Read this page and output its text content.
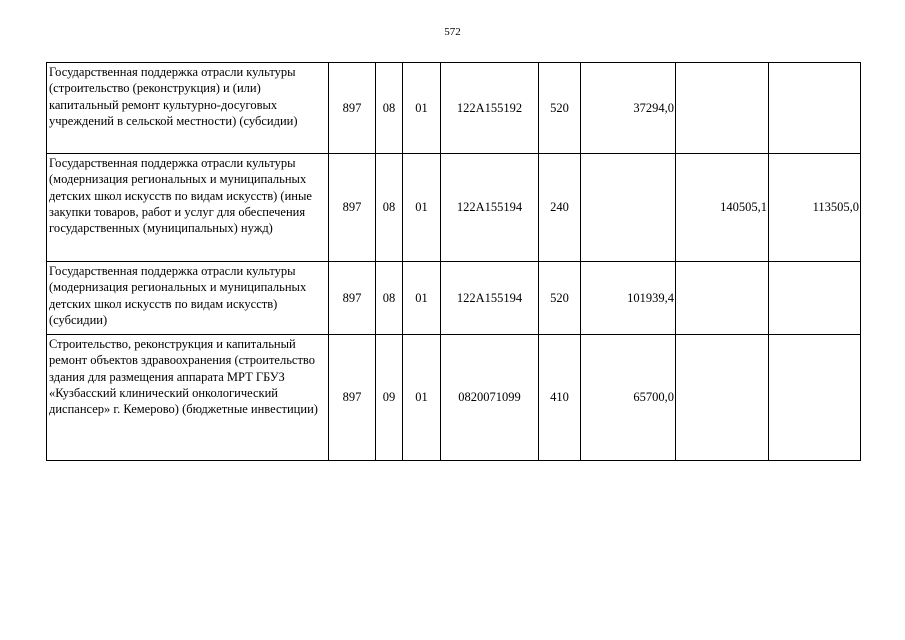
572
Государственная поддержка отрасли культуры (строительство (реконструкция) и (или) капитальный ремонт культурно-досуговых учреждений в сельской местности) (субсидии)	897	08	01	122А155192	520	37294,0		
Государственная поддержка отрасли культуры (модернизация региональных и муниципальных детских школ искусств по видам искусств) (иные закупки товаров, работ и услуг для обеспечения государственных (муниципальных) нужд)	897	08	01	122А155194	240		140505,1	113505,0
Государственная поддержка отрасли культуры (модернизация региональных и муниципальных детских школ искусств по видам искусств) (субсидии)	897	08	01	122А155194	520	101939,4		
Строительство, реконструкция и капитальный ремонт объектов здравоохранения (строительство здания для размещения аппарата МРТ ГБУЗ «Кузбасский клинический онкологический диспансер» г. Кемерово) (бюджетные инвестиции)	897	09	01	0820071099	410	65700,0		
